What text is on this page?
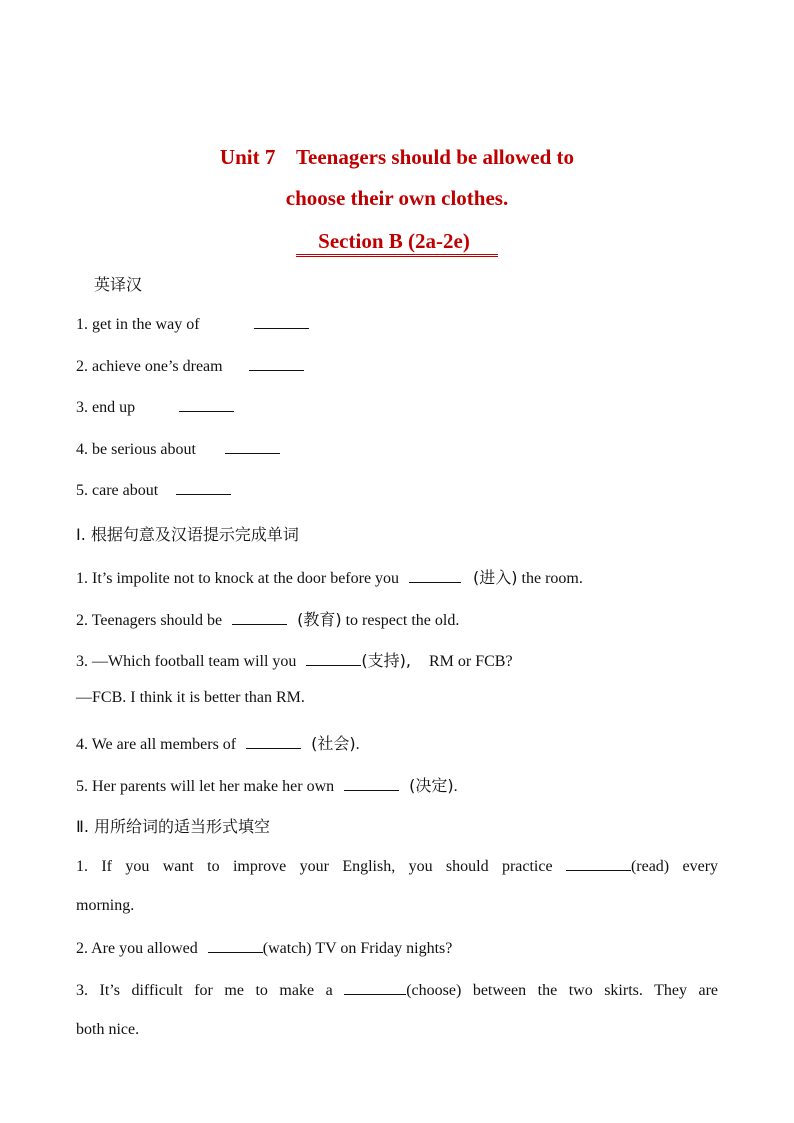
Unit 7    Teenagers should be allowed to
choose their own clothes.
Section B (2a-2e)
英译汉
1. get in the way of
2. achieve one’s dream
3. end up
4. be serious about
5. care about
Ⅰ. 根据句意及汉语提示完成单词
1. It’s impolite not to knock at the door before you	(进入) the room.
2. Teenagers should be	(教育) to respect the old.
3. —Which football team will you	(支持), RM or FCB?
—FCB. I think it is better than RM.
4. We are all members of	(社会).
5. Her parents will let her make her own	(决定).
Ⅱ. 用所给词的适当形式填空
1. If you want to improve your English, you should practice	(read) every
morning.
2. Are you allowed	(watch) TV on Friday nights?
3. It’s difficult for me to make a	(choose) between the two skirts. They are
both nice.
